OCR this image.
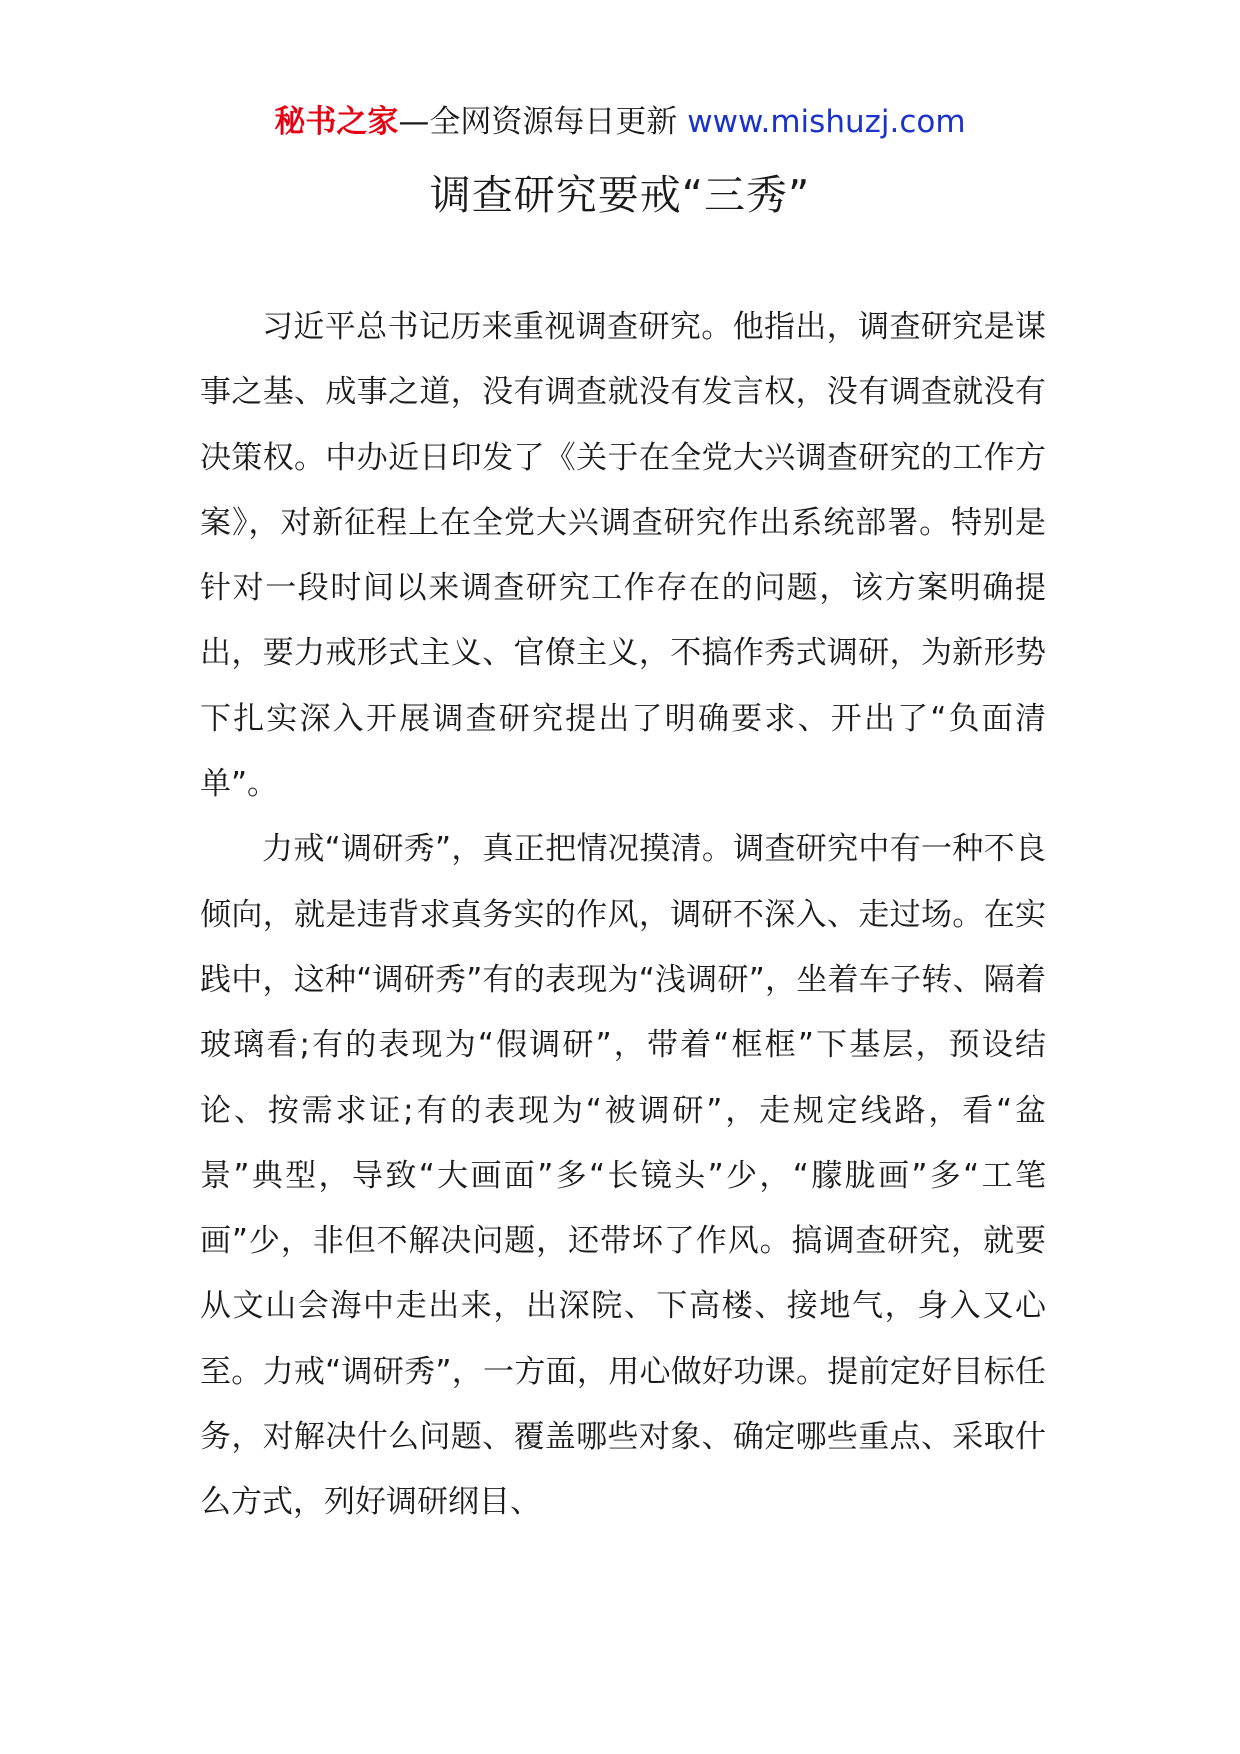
秘书之家—全网资源每日更新 www.mishuzj.com
调查研究要戒“三秀”

习近平总书记历来重视调查研究。他指出，调查研究是谋事之基、成事之道，没有调查就没有发言权，没有调查就没有决策权。中办近日印发了《关于在全党大兴调查研究的工作方案》，对新征程上在全党大兴调查研究作出系统部署。特别是针对一段时间以来调查研究工作存在的问题，该方案明确提出，要力戒形式主义、官僚主义，不搞作秀式调研，为新形势下扎实深入开展调查研究提出了明确要求、开出了“负面清单”。

力戒“调研秀”，真正把情况摸清。调查研究中有一种不良倾向，就是违背求真务实的作风，调研不深入、走过场。在实践中，这种“调研秀”有的表现为“浅调研”，坐着车子转、隔着玻璃看;有的表现为“假调研”，带着“框框”下基层，预设结论、按需求证;有的表现为“被调研”，走规定线路，看“盆景”典型，导致“大画面”多“长镜头”少，“朦胧画”多“工笔画”少，非但不解决问题，还带坏了作风。搞调查研究，就要从文山会海中走出来，出深院、下高楼、接地气，身入又心至。力戒“调研秀”，一方面，用心做好功课。提前定好目标任务，对解决什么问题、覆盖哪些对象、确定哪些重点、采取什么方式，列好调研纲目、
